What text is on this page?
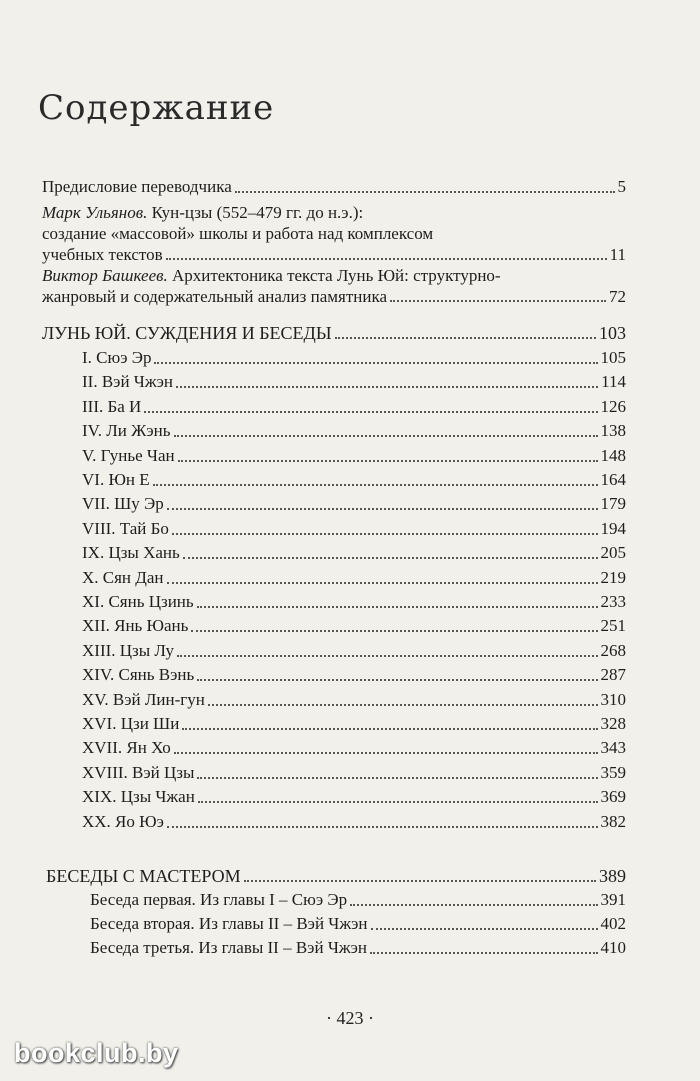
Содержание
Предисловие переводчика	5
Марк Ульянов. Кун-цзы (552–479 гг. до н.э.):
создание «массовой» школы и работа над комплексом
учебных текстов	11
Виктор Башкеев. Архитектоника текста Лунь Юй: структурно-
жанровый и содержательный анализ памятника	72
ЛУНЬ ЮЙ. СУЖДЕНИЯ И БЕСЕДЫ	103
I. Сюэ Эр	105
II. Вэй Чжэн	114
III. Ба И	126
IV. Ли Жэнь	138
V. Гунье Чан	148
VI. Юн Е	164
VII. Шу Эр	179
VIII. Тай Бо	194
IX. Цзы Хань	205
X. Сян Дан	219
XI. Сянь Цзинь	233
XII. Янь Юань	251
XIII. Цзы Лу	268
XIV. Сянь Вэнь	287
XV. Вэй Лин-гун	310
XVI. Цзи Ши	328
XVII. Ян Хо	343
XVIII. Вэй Цзы	359
XIX. Цзы Чжан	369
XX. Яо Юэ	382
БЕСЕДЫ С МАСТЕРОМ	389
Беседа первая. Из главы I – Сюэ Эр	391
Беседа вторая. Из главы II – Вэй Чжэн	402
Беседа третья. Из главы II – Вэй Чжэн	410
· 423 ·
bookclub.by
